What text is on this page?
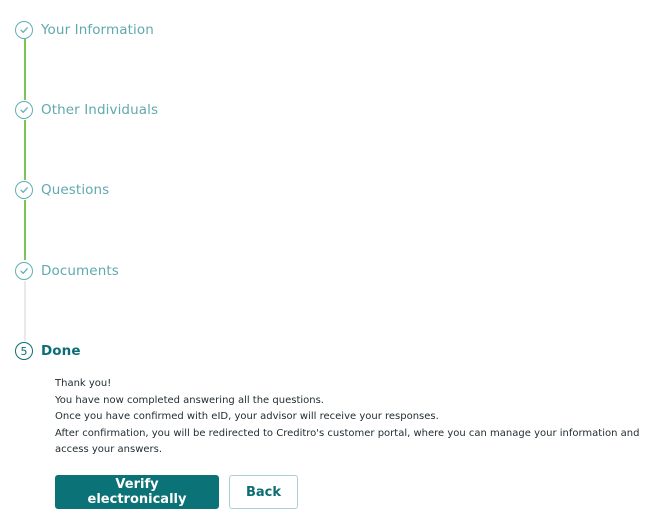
Your Information
Other Individuals
Questions
Documents
5	Done

Thank you!

You have now completed answering all the questions.

Once you have confirmed with eID, your advisor will receive your responses.

After confirmation, you will be redirected to Creditro's customer portal, where you can manage your information and access your answers.

Verify electronically	Back
